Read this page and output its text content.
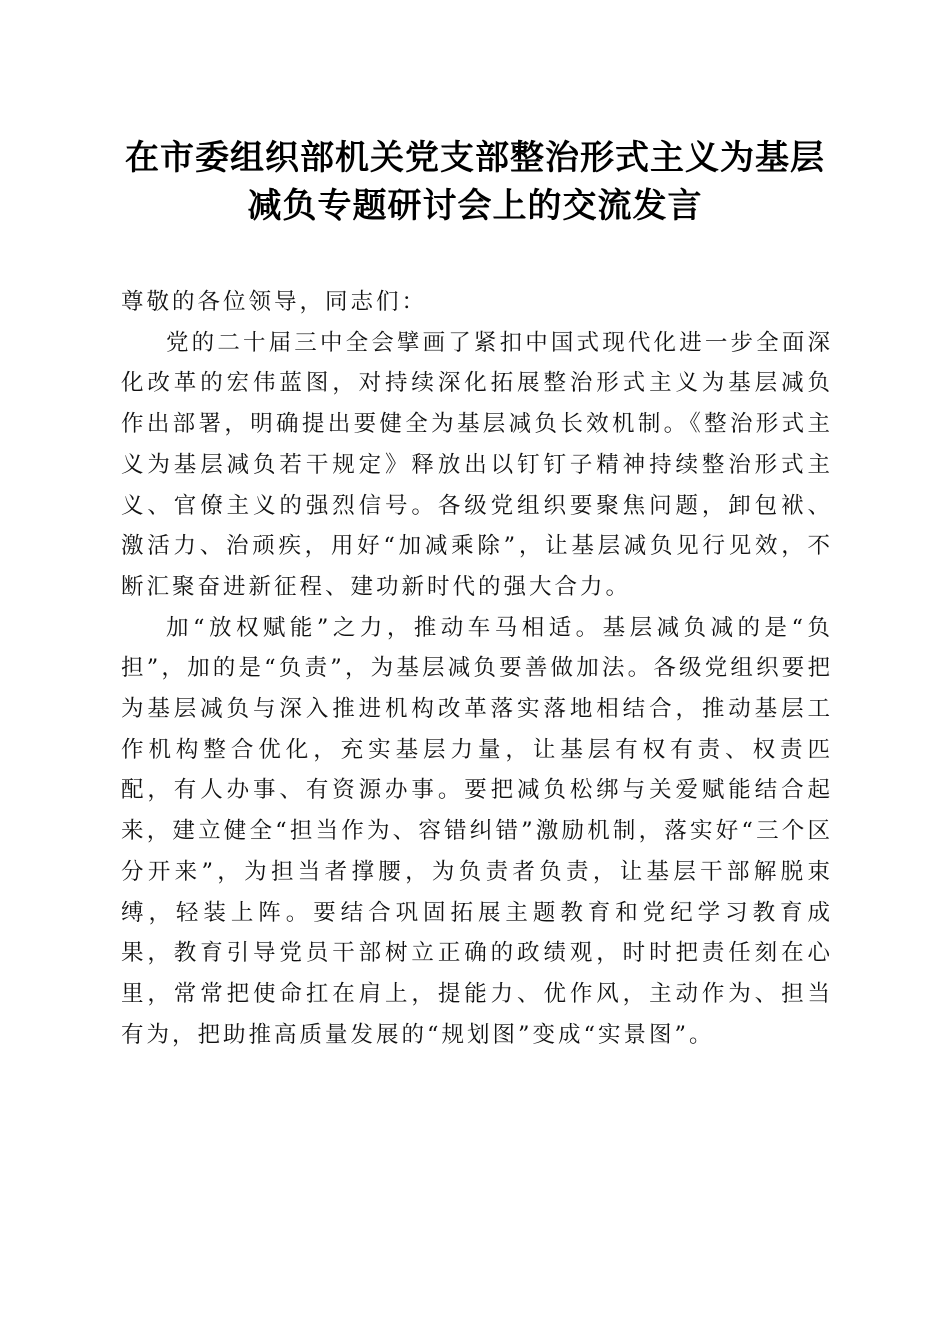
在市委组织部机关党支部整治形式主义为基层
减负专题研讨会上的交流发言

尊敬的各位领导，同志们：

党的二十届三中全会擘画了紧扣中国式现代化进一步全面深化改革的宏伟蓝图，对持续深化拓展整治形式主义为基层减负作出部署，明确提出要健全为基层减负长效机制。《整治形式主义为基层减负若干规定》释放出以钉钉子精神持续整治形式主义、官僚主义的强烈信号。各级党组织要聚焦问题，卸包袱、激活力、治顽疾，用好“加减乘除”，让基层减负见行见效，不断汇聚奋进新征程、建功新时代的强大合力。

加“放权赋能”之力，推动车马相适。基层减负减的是“负担”，加的是“负责”，为基层减负要善做加法。各级党组织要把为基层减负与深入推进机构改革落实落地相结合，推动基层工作机构整合优化，充实基层力量，让基层有权有责、权责匹配，有人办事、有资源办事。要把减负松绑与关爱赋能结合起来，建立健全“担当作为、容错纠错”激励机制，落实好“三个区分开来”，为担当者撑腰，为负责者负责，让基层干部解脱束缚，轻装上阵。要结合巩固拓展主题教育和党纪学习教育成果，教育引导党员干部树立正确的政绩观，时时把责任刻在心里，常常把使命扛在肩上，提能力、优作风，主动作为、担当有为，把助推高质量发展的“规划图”变成“实景图”。
